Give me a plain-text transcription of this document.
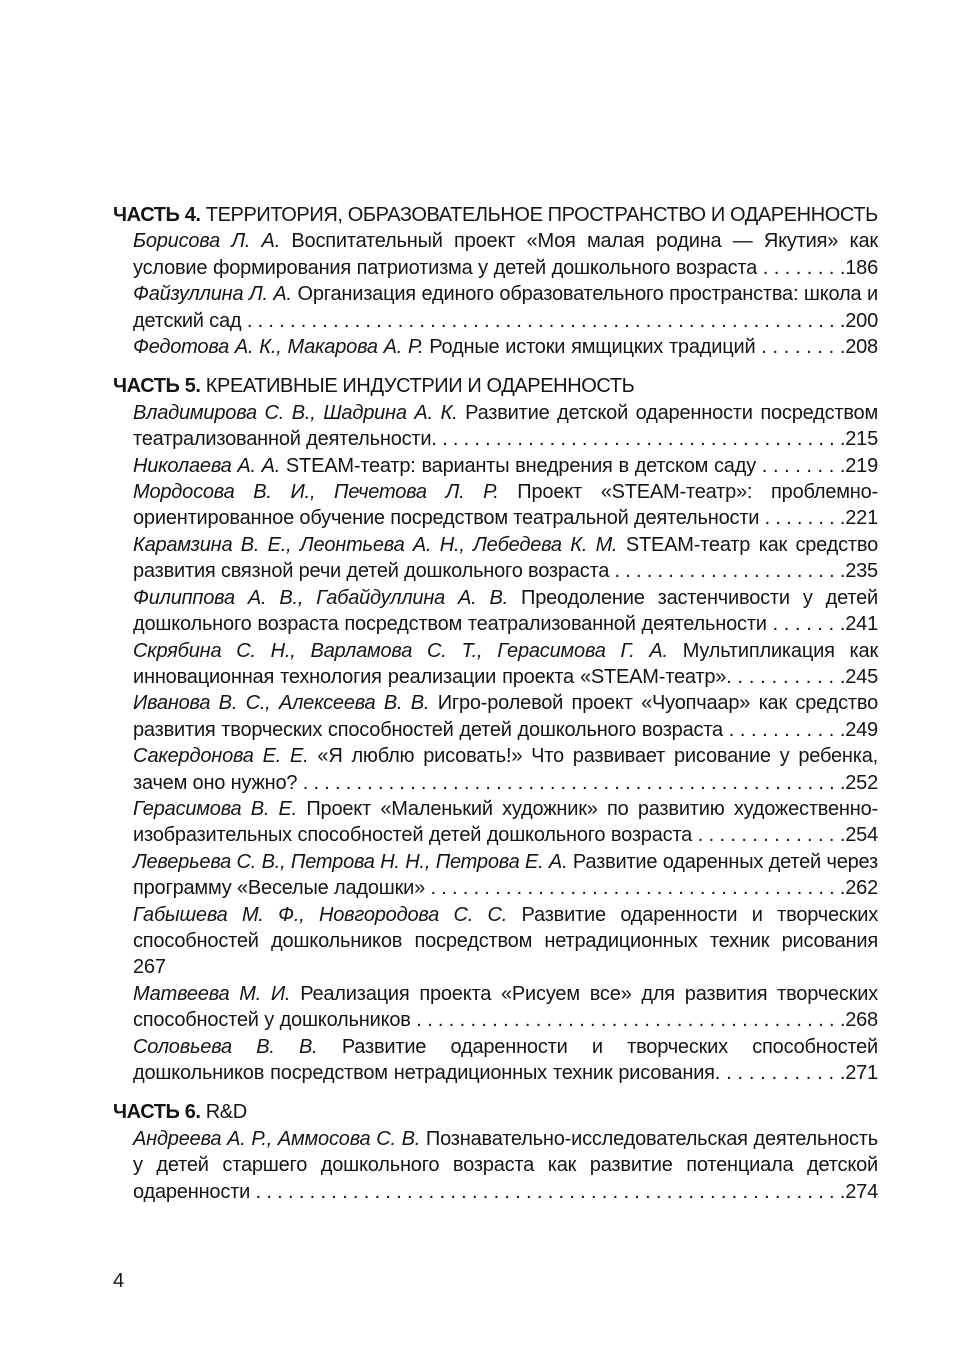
ЧАСТЬ 4. ТЕРРИТОРИЯ, ОБРАЗОВАТЕЛЬНОЕ ПРОСТРАНСТВО И ОДАРЕННОСТЬ

Борисова Л. А. Воспитательный проект «Моя малая родина — Якутия» как условие формирования патриотизма у детей дошкольного возраста . . . . . . . .186

Файзуллина Л. А. Организация единого образовательного пространства: школа и детский сад . . . . . . . . . . . . . . . . . . . . . . . . . . . . . . . . . . . . . . . . . . . . . . . . . . . . . . . .200

Федотова А. К., Макарова А. Р. Родные истоки ямщицких традиций . . . . . . . .208

ЧАСТЬ 5. КРЕАТИВНЫЕ ИНДУСТРИИ И ОДАРЕННОСТЬ

Владимирова С. В., Шадрина А. К. Развитие детской одаренности посредством театрализованной деятельности. . . . . . . . . . . . . . . . . . . . . . . . . . . . . . . . . . . . . . .215

Николаева А. А. STEAM-театр: варианты внедрения в детском саду . . . . . . . .219

Мордосова В. И., Печетова Л. Р. Проект «STEAM-театр»: проблемно-ориентированное обучение посредством театральной деятельности . . . . . . . .221

Карамзина В. Е., Леонтьева А. Н., Лебедева К. М. STEAM-театр как средство развития связной речи детей дошкольного возраста . . . . . . . . . . . . . . . . . . . . . .235

Филиппова А. В., Габайдуллина А. В. Преодоление застенчивости у детей дошкольного возраста посредством театрализованной деятельности . . . . . . .241

Скрябина С. Н., Варламова С. Т., Герасимова Г. А. Мультипликация как инновационная технология реализации проекта «STEAM-театр». . . . . . . . . . .245

Иванова В. С., Алексеева В. В. Игро-ролевой проект «Чуопчаар» как средство развития творческих способностей детей дошкольного возраста . . . . . . . . . . .249

Сакердонова Е. Е. «Я люблю рисовать!» Что развивает рисование у ребенка, зачем оно нужно? . . . . . . . . . . . . . . . . . . . . . . . . . . . . . . . . . . . . . . . . . . . . . . . . . . .252

Герасимова В. Е. Проект «Маленький художник» по развитию художественно-изобразительных способностей детей дошкольного возраста . . . . . . . . . . . . . .254

Леверьева С. В., Петрова Н. Н., Петрова Е. А. Развитие одаренных детей через программу «Веселые ладошки» . . . . . . . . . . . . . . . . . . . . . . . . . . . . . . . . . . . . . . .262

Габышева М. Ф., Новгородова С. С. Развитие одаренности и творческих способностей дошкольников посредством нетрадиционных техник рисования 267

Матвеева М. И. Реализация проекта «Рисуем все» для развития творческих способностей у дошкольников . . . . . . . . . . . . . . . . . . . . . . . . . . . . . . . . . . . . . . . .268

Соловьева В. В. Развитие одаренности и творческих способностей дошкольников посредством нетрадиционных техник рисования. . . . . . . . . . . .271

ЧАСТЬ 6. R&D

Андреева А. Р., Аммосова С. В. Познавательно-исследовательская деятельность у детей старшего дошкольного возраста как развитие потенциала детской одаренности . . . . . . . . . . . . . . . . . . . . . . . . . . . . . . . . . . . . . . . . . . . . . . . . . . . . . . .274

4
